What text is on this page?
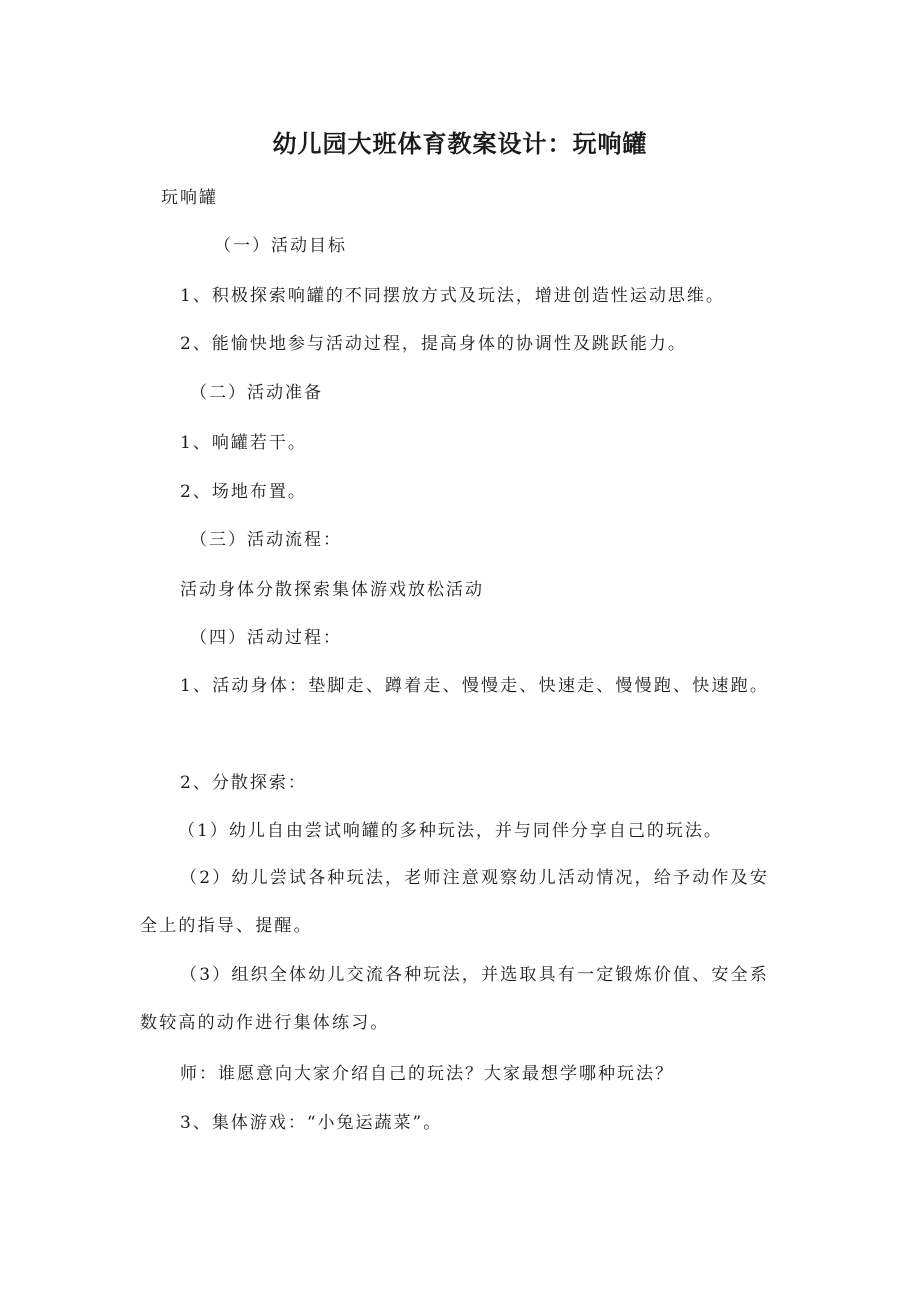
幼儿园大班体育教案设计：玩响罐

玩响罐

（一）活动目标

1、积极探索响罐的不同摆放方式及玩法，增进创造性运动思维。

2、能愉快地参与活动过程，提高身体的协调性及跳跃能力。

（二）活动准备

1、响罐若干。

2、场地布置。

（三）活动流程：

活动身体分散探索集体游戏放松活动

（四）活动过程：

1、活动身体：垫脚走、蹲着走、慢慢走、快速走、慢慢跑、快速跑。

2、分散探索：

（1）幼儿自由尝试响罐的多种玩法，并与同伴分享自己的玩法。

（2）幼儿尝试各种玩法，老师注意观察幼儿活动情况，给予动作及安全上的指导、提醒。

（3）组织全体幼儿交流各种玩法，并选取具有一定锻炼价值、安全系数较高的动作进行集体练习。

师：谁愿意向大家介绍自己的玩法？大家最想学哪种玩法？

3、集体游戏：“小兔运蔬菜”。
